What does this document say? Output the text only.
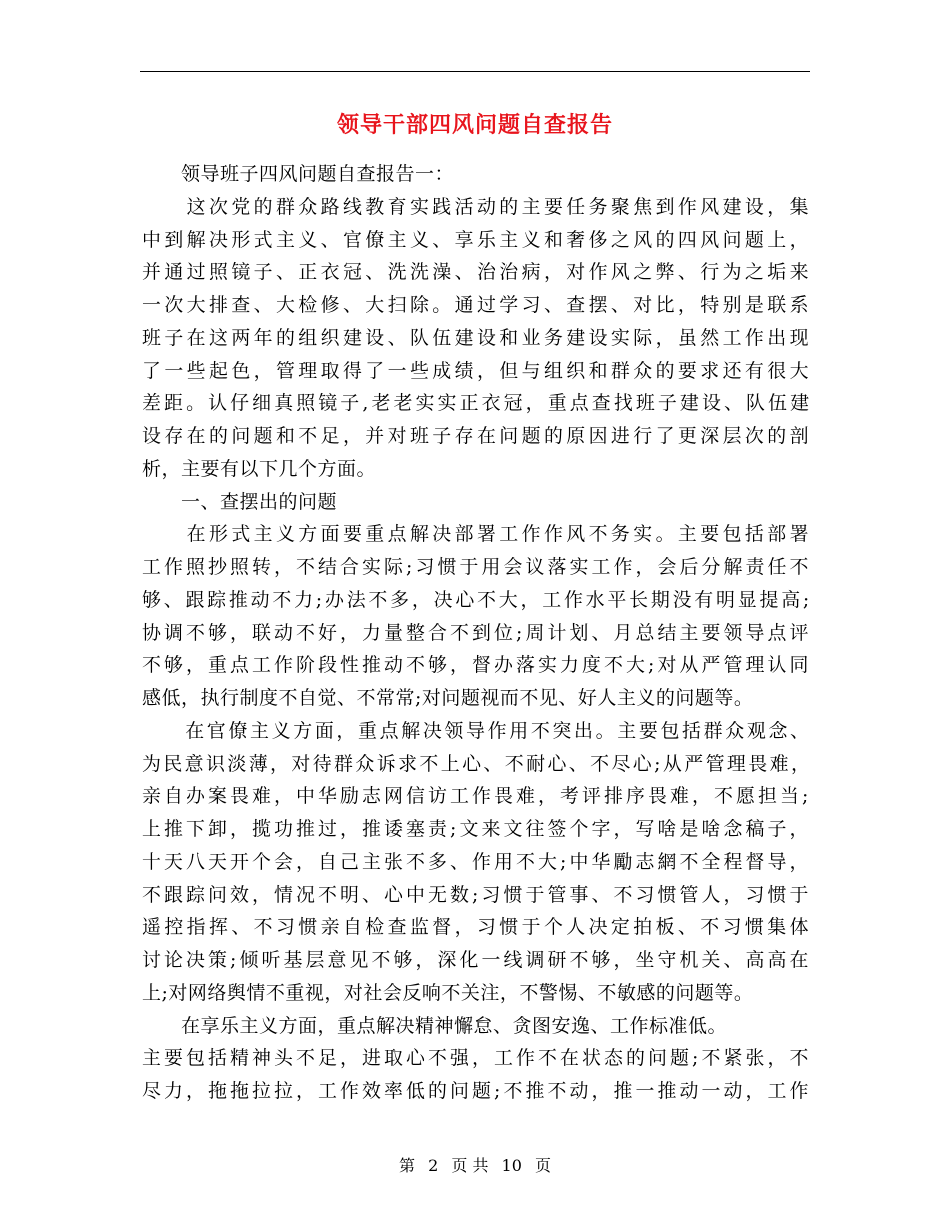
领导干部四风问题自查报告
　　领导班子四风问题自查报告一：
　　这次党的群众路线教育实践活动的主要任务聚焦到作风建设，集
中到解决形式主义、官僚主义、享乐主义和奢侈之风的四风问题上，
并通过照镜子、正衣冠、洗洗澡、治治病，对作风之弊、行为之垢来
一次大排查、大检修、大扫除。通过学习、查摆、对比，特别是联系
班子在这两年的组织建设、队伍建设和业务建设实际，虽然工作出现
了一些起色，管理取得了一些成绩，但与组织和群众的要求还有很大
差距。认仔细真照镜子,老老实实正衣冠，重点查找班子建设、队伍建
设存在的问题和不足，并对班子存在问题的原因进行了更深层次的剖
析，主要有以下几个方面。
　　一、查摆出的问题
　　在形式主义方面要重点解决部署工作作风不务实。主要包括部署
工作照抄照转，不结合实际;习惯于用会议落实工作，会后分解责任不
够、跟踪推动不力;办法不多，决心不大，工作水平长期没有明显提高;
协调不够，联动不好，力量整合不到位;周计划、月总结主要领导点评
不够，重点工作阶段性推动不够，督办落实力度不大;对从严管理认同
感低，执行制度不自觉、不常常;对问题视而不见、好人主义的问题等。
　　在官僚主义方面，重点解决领导作用不突出。主要包括群众观念、
为民意识淡薄，对待群众诉求不上心、不耐心、不尽心;从严管理畏难，
亲自办案畏难，中华励志网信访工作畏难，考评排序畏难，不愿担当;
上推下卸，揽功推过，推诿塞责;文来文往签个字，写啥是啥念稿子，
十天八天开个会，自己主张不多、作用不大;中华勵志網不全程督导，
不跟踪问效，情况不明、心中无数;习惯于管事、不习惯管人，习惯于
遥控指挥、不习惯亲自检查监督，习惯于个人决定拍板、不习惯集体
讨论决策;倾听基层意见不够，深化一线调研不够，坐守机关、高高在
上;对网络舆情不重视，对社会反响不关注，不警惕、不敏感的问题等。
　　在享乐主义方面，重点解决精神懈怠、贪图安逸、工作标准低。
主要包括精神头不足，进取心不强，工作不在状态的问题;不紧张，不
尽力，拖拖拉拉，工作效率低的问题;不推不动，推一推动一动，工作
第 2 页 共 10 页
